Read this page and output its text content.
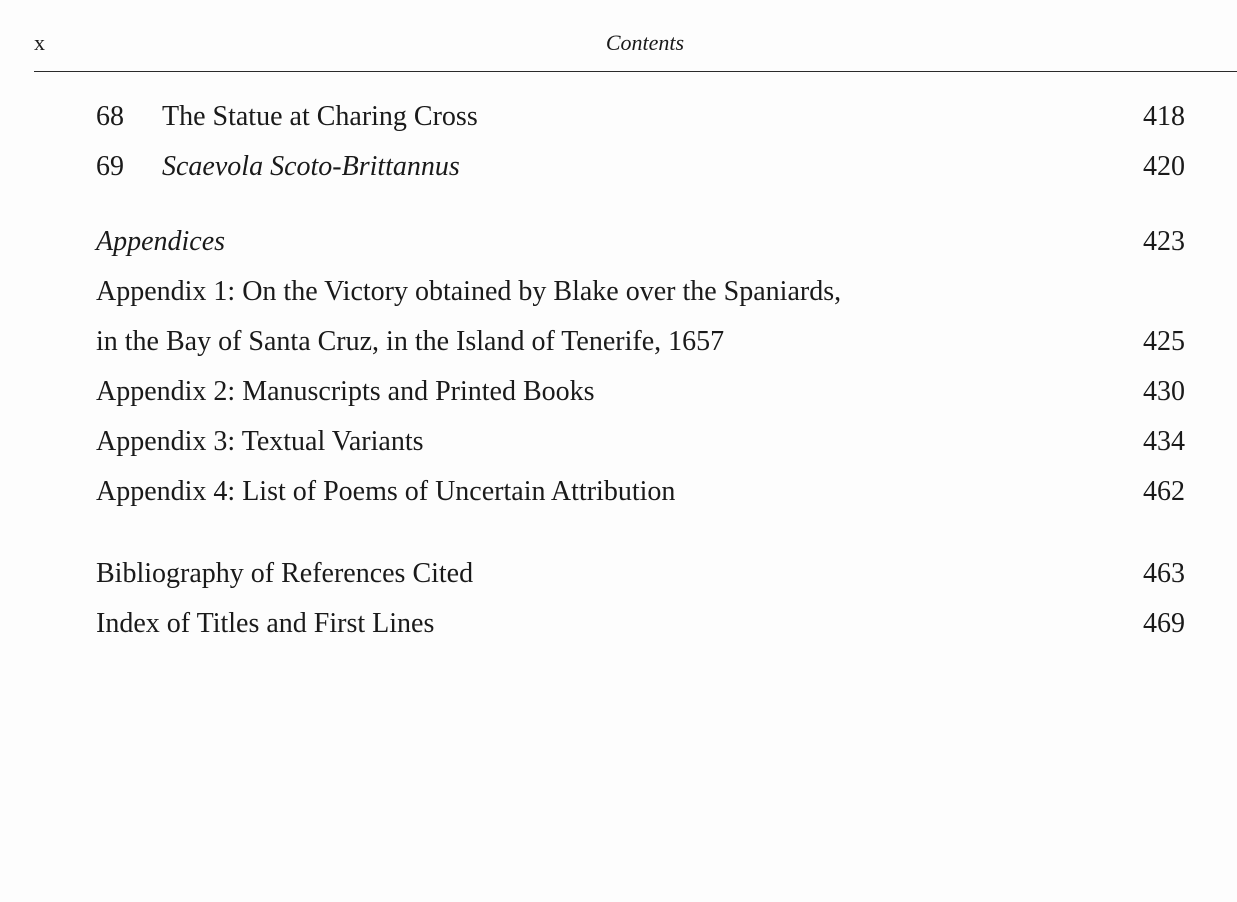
x	Contents
68 The Statue at Charing Cross	418
69 Scaevola Scoto-Brittannus	420
Appendices	423
Appendix 1: On the Victory obtained by Blake over the Spaniards,
in the Bay of Santa Cruz, in the Island of Tenerife, 1657	425
Appendix 2: Manuscripts and Printed Books	430
Appendix 3: Textual Variants	434
Appendix 4: List of Poems of Uncertain Attribution	462
Bibliography of References Cited	463
Index of Titles and First Lines	469
